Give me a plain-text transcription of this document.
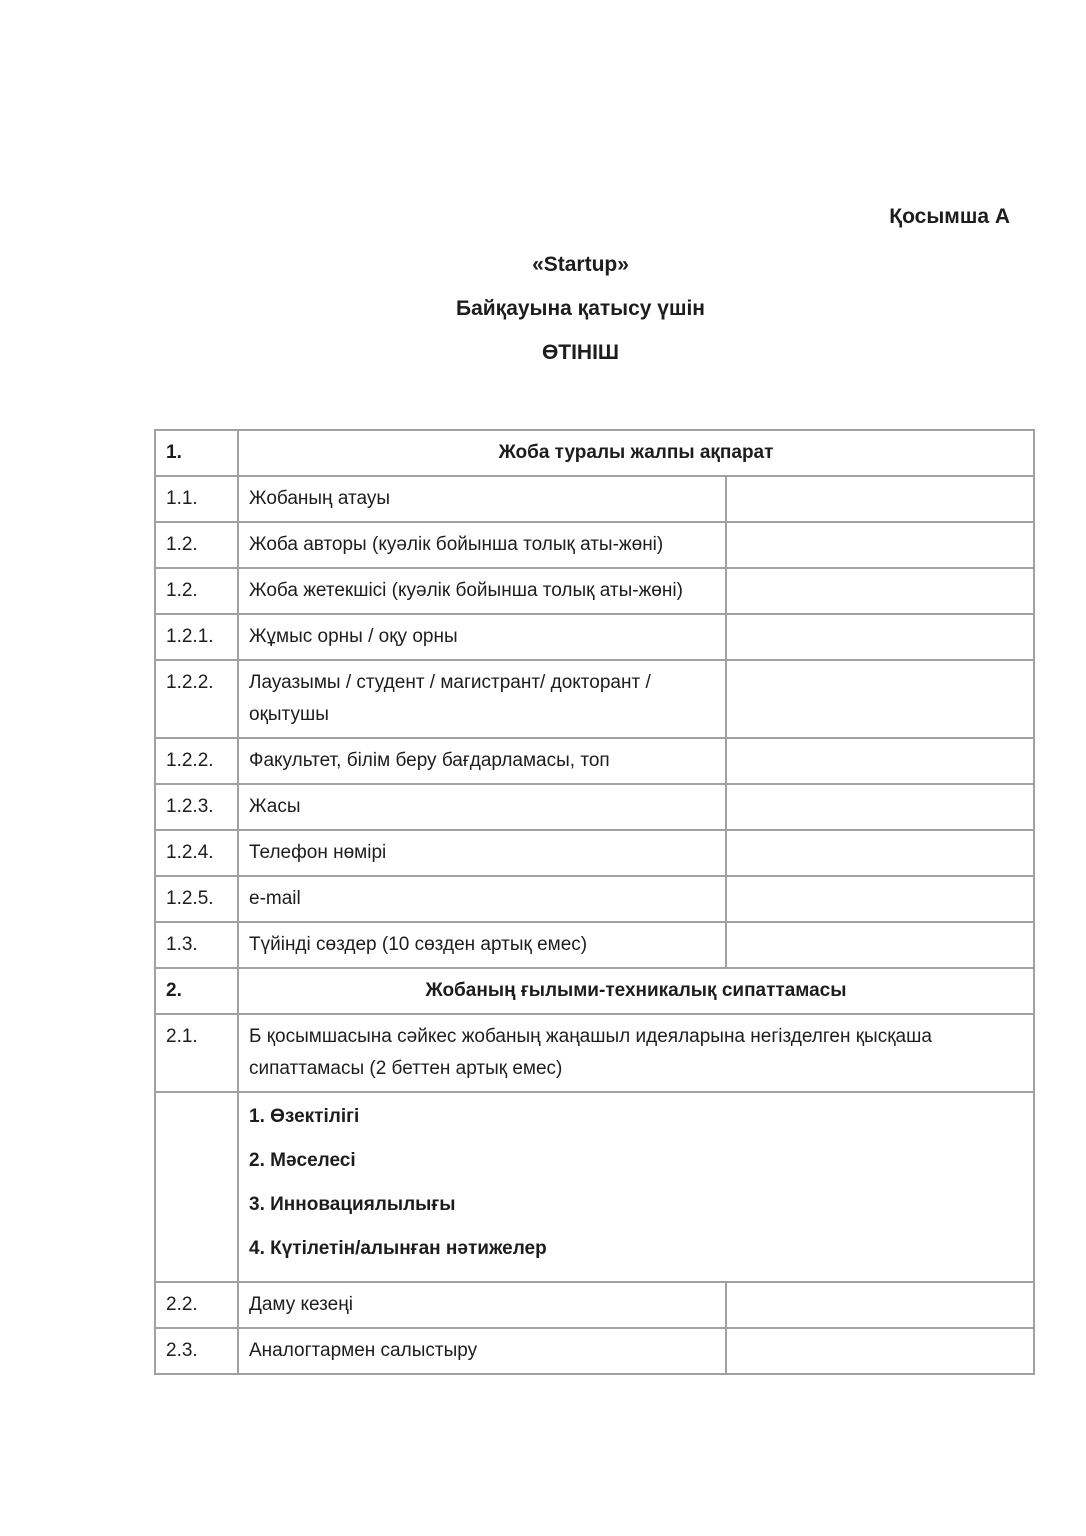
Қосымша А
«Startup»
Байқауына қатысу үшін
ӨТІНІШ
1.	Жоба туралы жалпы ақпарат	
1.1.	Жобаның атауы	
1.2.	Жоба авторы (куәлік бойынша толық аты-жөні)	
1.2.	Жоба жетекшісі (куәлік бойынша толық аты-жөні)	
1.2.1.	Жұмыс орны / оқу орны	
1.2.2.	Лауазымы / студент / магистрант/ докторант / оқытушы	
1.2.2.	Факультет, білім беру бағдарламасы, топ	
1.2.3.	Жасы	
1.2.4.	Телефон нөмірі	
1.2.5.	e-mail	
1.3.	Түйінді сөздер (10 сөзден артық емес)	
2.	Жобаның ғылыми-техникалық сипаттамасы	
2.1.	Б қосымшасына сәйкес жобаның жаңашыл идеяларына негізделген қысқаша сипаттамасы (2 беттен артық емес)	

	1. Өзектілігі

2. Мәселесі

3. Инновациялылығы

4. Күтілетін/алынған нәтижелер	

2.2.	Даму кезеңі	
2.3.	Аналогтармен салыстыру	
